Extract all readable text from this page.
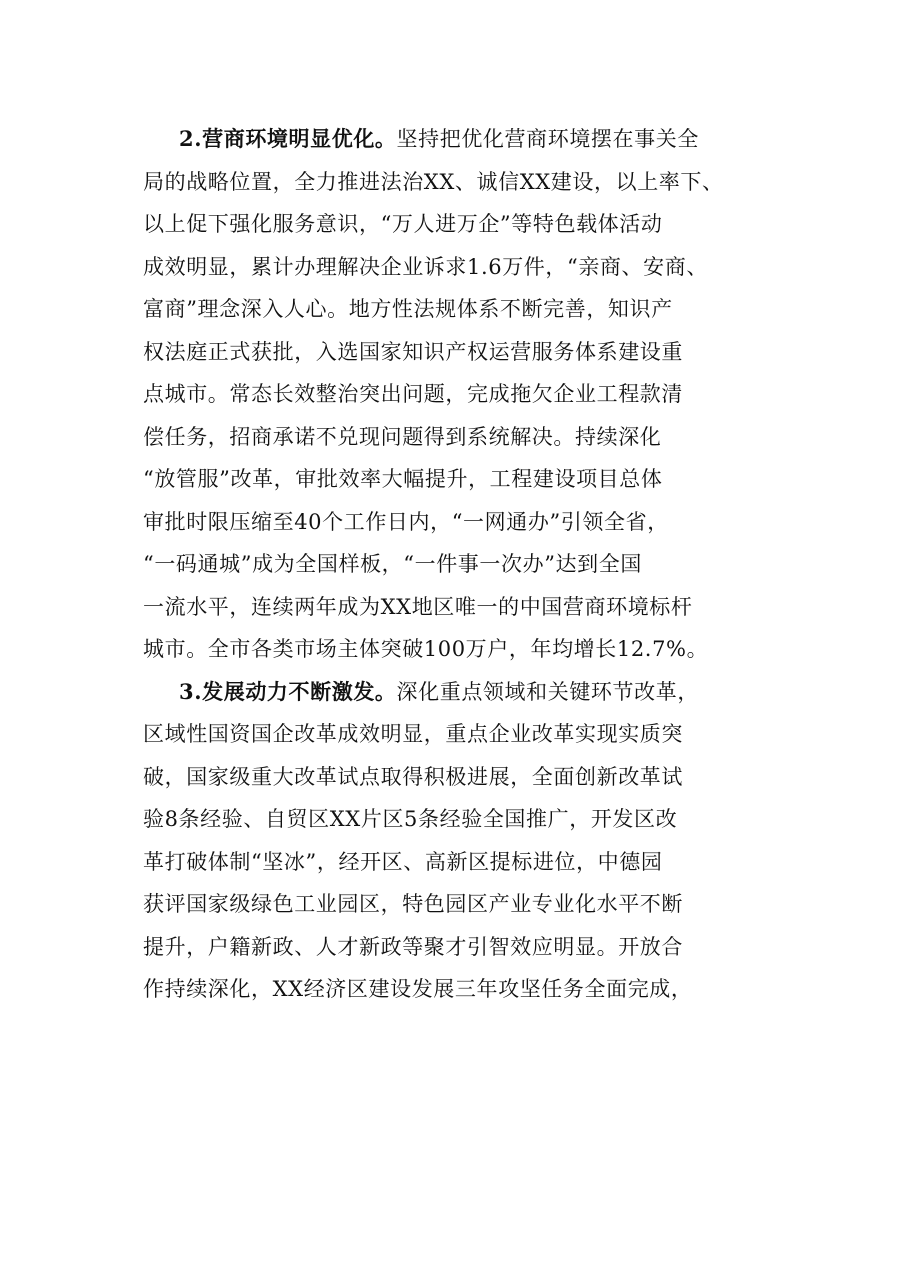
2.营商环境明显优化。坚持把优化营商环境摆在事关全
局的战略位置，全力推进法治XX、诚信XX建设，以上率下、
以上促下强化服务意识，“万人进万企”等特色载体活动
成效明显，累计办理解决企业诉求1.6万件，“亲商、安商、
富商”理念深入人心。地方性法规体系不断完善，知识产
权法庭正式获批，入选国家知识产权运营服务体系建设重
点城市。常态长效整治突出问题，完成拖欠企业工程款清
偿任务，招商承诺不兑现问题得到系统解决。持续深化
“放管服”改革，审批效率大幅提升，工程建设项目总体
审批时限压缩至40个工作日内，“一网通办”引领全省，
“一码通城”成为全国样板，“一件事一次办”达到全国
一流水平，连续两年成为XX地区唯一的中国营商环境标杆
城市。全市各类市场主体突破100万户，年均增长12.7%。
3.发展动力不断激发。深化重点领域和关键环节改革，
区域性国资国企改革成效明显，重点企业改革实现实质突
破，国家级重大改革试点取得积极进展，全面创新改革试
验8条经验、自贸区XX片区5条经验全国推广，开发区改
革打破体制“坚冰”，经开区、高新区提标进位，中德园
获评国家级绿色工业园区，特色园区产业专业化水平不断
提升，户籍新政、人才新政等聚才引智效应明显。开放合
作持续深化，XX经济区建设发展三年攻坚任务全面完成，
